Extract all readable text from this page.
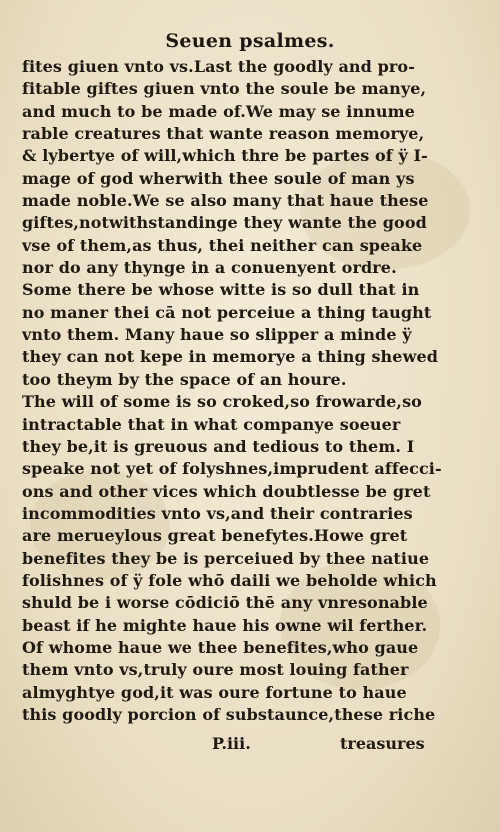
Seuen psalmes.
fites giuen vnto vs.Last the goodly and pro‑
fitable giftes giuen vnto the soule be manye,
and much to be made of.We may se innume
rable creatures that wante reason memorye,
& lybertye of will,which thre be partes of ÿ I‑
mage of god wherwith thee soule of man ys
made noble.We se also many that haue these
giftes,notwithstandinge they wante the good
vse of them,as thus, thei neither can speake
nor do any thynge in a conuenyent ordre.
Some there be whose witte is so dull that in
no maner thei cā not perceiue a thing taught
vnto them. Many haue so slipper a minde ÿ
they can not kepe in memorye a thing shewed
too theym by the space of an houre.
The will of some is so croked,so frowarde,so
intractable that in what companye soeuer
they be,it is greuous and tedious to them. I
speake not yet of folyshnes,imprudent affecci‑
ons and other vices which doubtlesse be gret
incommodities vnto vs,and their contraries
are merueylous great benefytes.Howe gret
benefites they be is perceiued by thee natiue
folishnes of ÿ fole whō daili we beholde which
shuld be i worse cōdiciō thē any vnresonable
beast if he mighte haue his owne wil ferther.
Of whome haue we thee benefites,who gaue
them vnto vs,truly oure most louing father
almyghtye god,it was oure fortune to haue
this goodly porcion of substaunce,these riche
P.iii.	treasures
